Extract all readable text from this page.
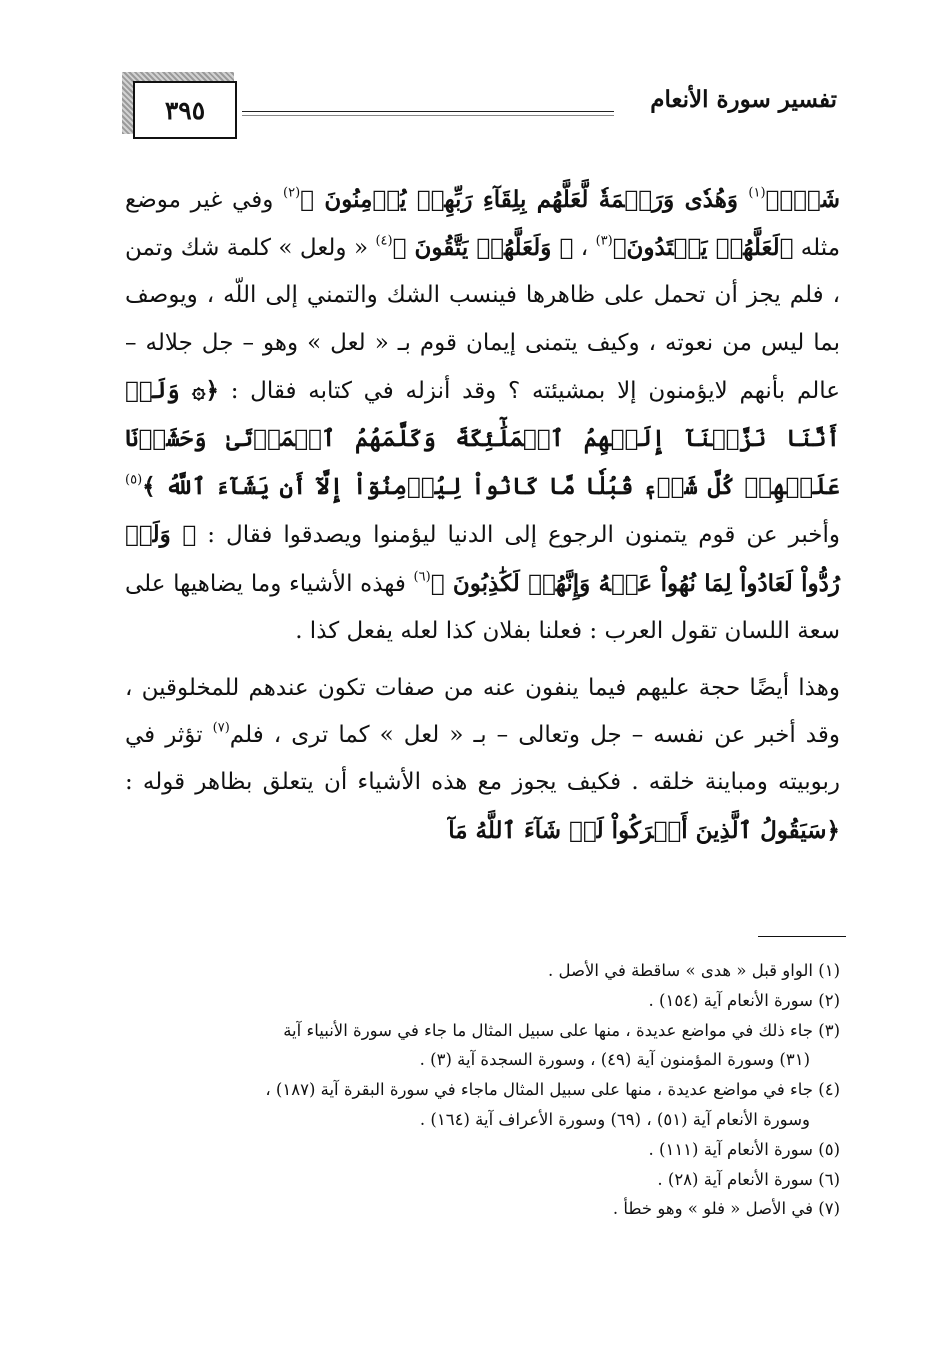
تفسير سورة الأنعام
٣٩٥

شَيۡءٖ$^{(١)}$ وَهُدٗى وَرَحۡمَةٗ لَّعَلَّهُم بِلِقَآءِ رَبِّهِمۡ يُؤۡمِنُونَ ﴾$^{(٢)}$ وفي غير موضع مثله ﴿لَعَلَّهُمۡ يَهۡتَدُونَ﴾$^{(٣)}$ ، ﴿ وَلَعَلَّهُمۡ يَتَّقُونَ ﴾$^{(٤)}$ « ولعل » كلمة شك وتمن ، فلم يجز أن تحمل على ظاهرها فينسب الشك والتمني إلى اللّه ، ويوصف بما ليس من نعوته ، وكيف يتمنى إيمان قوم بـ « لعل » وهو – جل جلاله – عالم بأنهم لايؤمنون إلا بمشيئته ؟ وقد أنزله في كتابه فقال : ﴿۞ وَلَوۡ أَنَّنَا نَزَّلۡنَآ إِلَيۡهِمُ ٱلۡمَلَٰٓئِكَةَ وَكَلَّمَهُمُ ٱلۡمَوۡتَىٰ وَحَشَرۡنَا عَلَيۡهِمۡ كُلَّ شَيۡءٖ قُبُلٗا مَّا كَانُواْ لِيُؤۡمِنُوٓاْ إِلَّآ أَن يَشَآءَ ٱللَّهُ ﴾$^{(٥)}$ وأخبر عن قوم يتمنون الرجوع إلى الدنيا ليؤمنوا ويصدقوا فقال : ﴿ وَلَوۡ رُدُّواْ لَعَادُواْ لِمَا نُهُواْ عَنۡهُ وَإِنَّهُمۡ لَكَٰذِبُونَ ﴾$^{(٦)}$ فهذه الأشياء وما يضاهيها على سعة اللسان تقول العرب : فعلنا بفلان كذا لعله يفعل كذا .

وهذا أيضًا حجة عليهم فيما ينفون عنه من صفات تكون عندهم للمخلوقين ، وقد أخبر عن نفسه – جل وتعالى – بـ « لعل » كما ترى ، فلم$^{(٧)}$ تؤثر في ربوبيته ومباينة خلقه . فكيف يجوز مع هذه الأشياء أن يتعلق بظاهر قوله : ﴿سَيَقُولُ ٱلَّذِينَ أَشۡرَكُواْ لَوۡ شَآءَ ٱللَّهُ مَآ

(١) الواو قبل « هدى » ساقطة في الأصل .

(٢) سورة الأنعام آية (١٥٤) .

(٣) جاء ذلك في مواضع عديدة ، منها على سبيل المثال ما جاء في سورة الأنبياء آية

(٣١) وسورة المؤمنون آية (٤٩) ، وسورة السجدة آية (٣) .

(٤) جاء في مواضع عديدة ، منها على سبيل المثال ماجاء في سورة البقرة آية (١٨٧) ،

وسورة الأنعام آية (٥١) ، (٦٩) وسورة الأعراف آية (١٦٤) .

(٥) سورة الأنعام آية (١١١) .

(٦) سورة الأنعام آية (٢٨) .

(٧) في الأصل « فلو » وهو خطأ .
